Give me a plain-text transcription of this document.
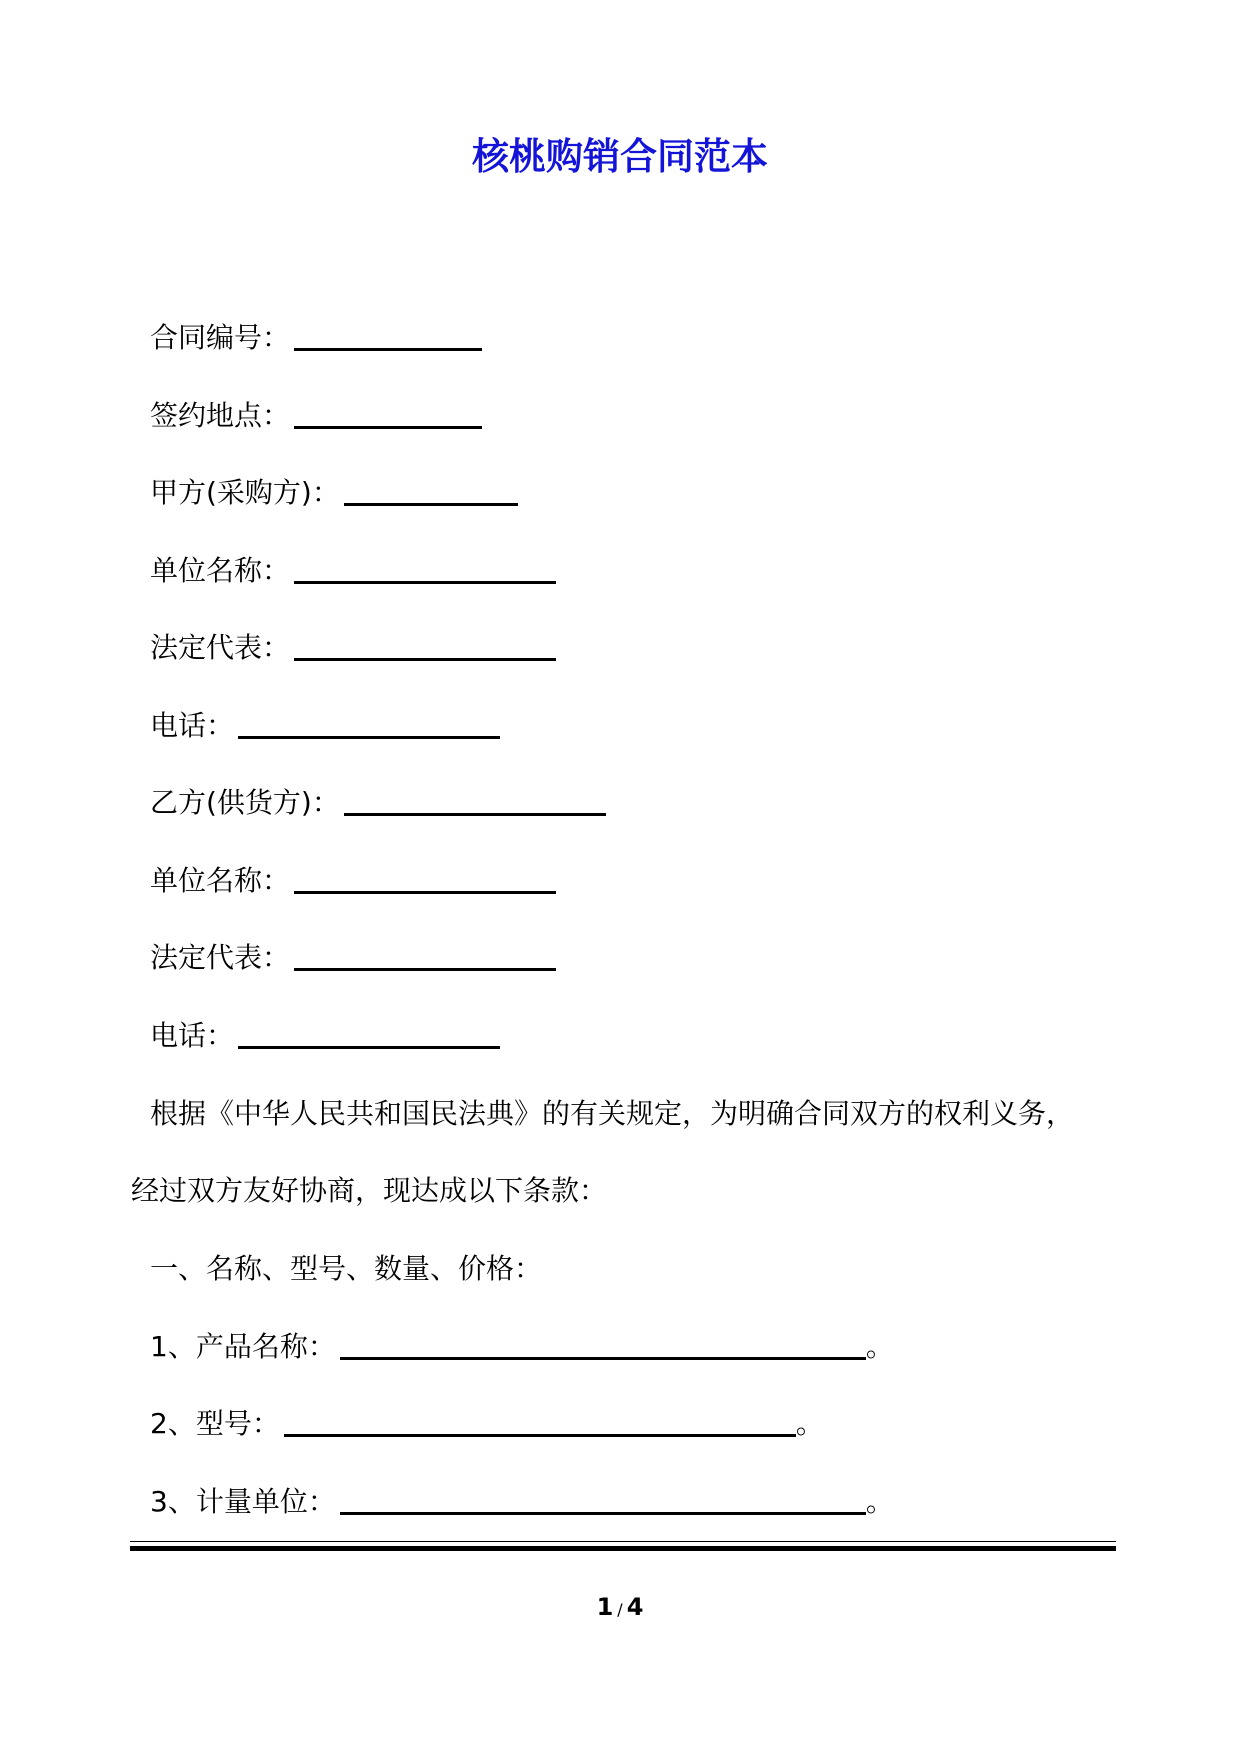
核桃购销合同范本
合同编号：
签约地点：
甲方(采购方)：
单位名称：
法定代表：
电话：
乙方(供货方)：
单位名称：
法定代表：
电话：
根据《中华人民共和国民法典》的有关规定，为明确合同双方的权利义务，
经过双方友好协商，现达成以下条款：
一、名称、型号、数量、价格：
1、产品名称：	。
2、型号：	。
3、计量单位：	。
1 / 4
